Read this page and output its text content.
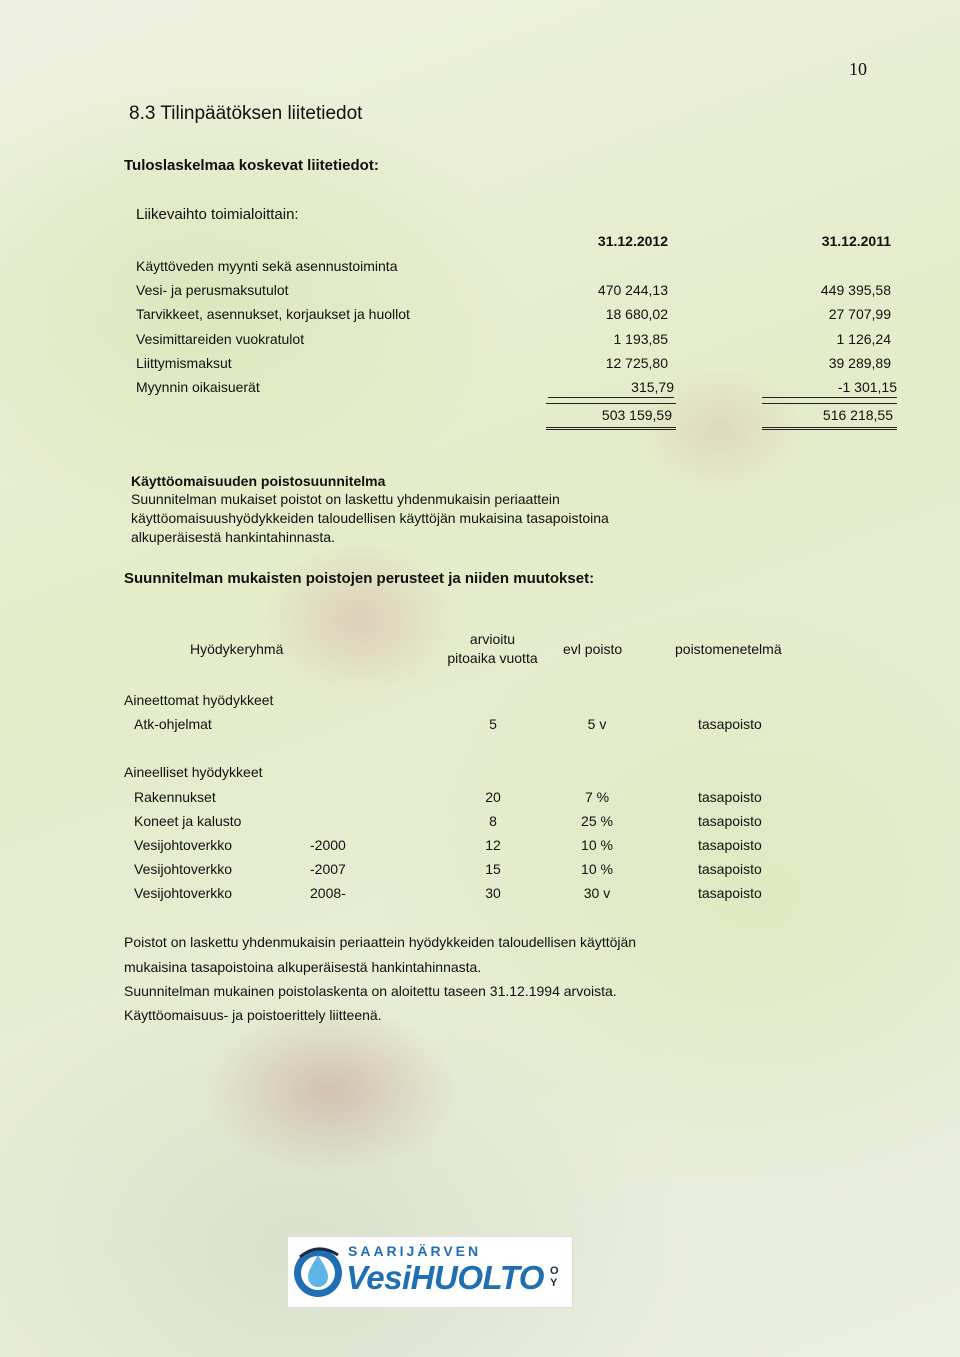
10
8.3 Tilinpäätöksen liitetiedot
Tuloslaskelmaa koskevat liitetiedot:
Liikevaihto toimialoittain:
31.12.2012	31.12.2011
Käyttöveden myynti sekä asennustoiminta
Vesi- ja perusmaksutulot	470 244,13	449 395,58
Tarvikkeet, asennukset, korjaukset ja huollot	18 680,02	27 707,99
Vesimittareiden vuokratulot	1 193,85	1 126,24
Liittymismaksut	12 725,80	39 289,89
Myynnin oikaisuerät	315,79	-1 301,15
503 159,59	516 218,55
Käyttöomaisuuden poistosuunnitelma
Suunnitelman mukaiset poistot on laskettu yhdenmukaisin periaattein
käyttöomaisuushyödykkeiden taloudellisen käyttöjän mukaisina tasapoistoina
alkuperäisestä hankintahinnasta.
Suunnitelman mukaisten poistojen perusteet ja niiden muutokset:
Hyödykeryhmä
arvioitu
pitoaika vuotta
evl poisto	poistomenetelmä
Aineettomat hyödykkeet
Atk-ohjelmat	5	5 v	tasapoisto
Aineelliset hyödykkeet
Rakennukset	20	7 %	tasapoisto
Koneet ja kalusto	8	25 %	tasapoisto
Vesijohtoverkko	-2000	12	10 %	tasapoisto
Vesijohtoverkko	-2007	15	10 %	tasapoisto
Vesijohtoverkko	2008-	30	30 v	tasapoisto
Poistot on laskettu yhdenmukaisin periaattein hyödykkeiden taloudellisen käyttöjän
mukaisina tasapoistoina alkuperäisestä hankintahinnasta.
Suunnitelman mukainen poistolaskenta on aloitettu taseen 31.12.1994 arvoista.
Käyttöomaisuus- ja poistoerittely liitteenä.
SAARIJÄRVEN
VesiHUOLTO OY
